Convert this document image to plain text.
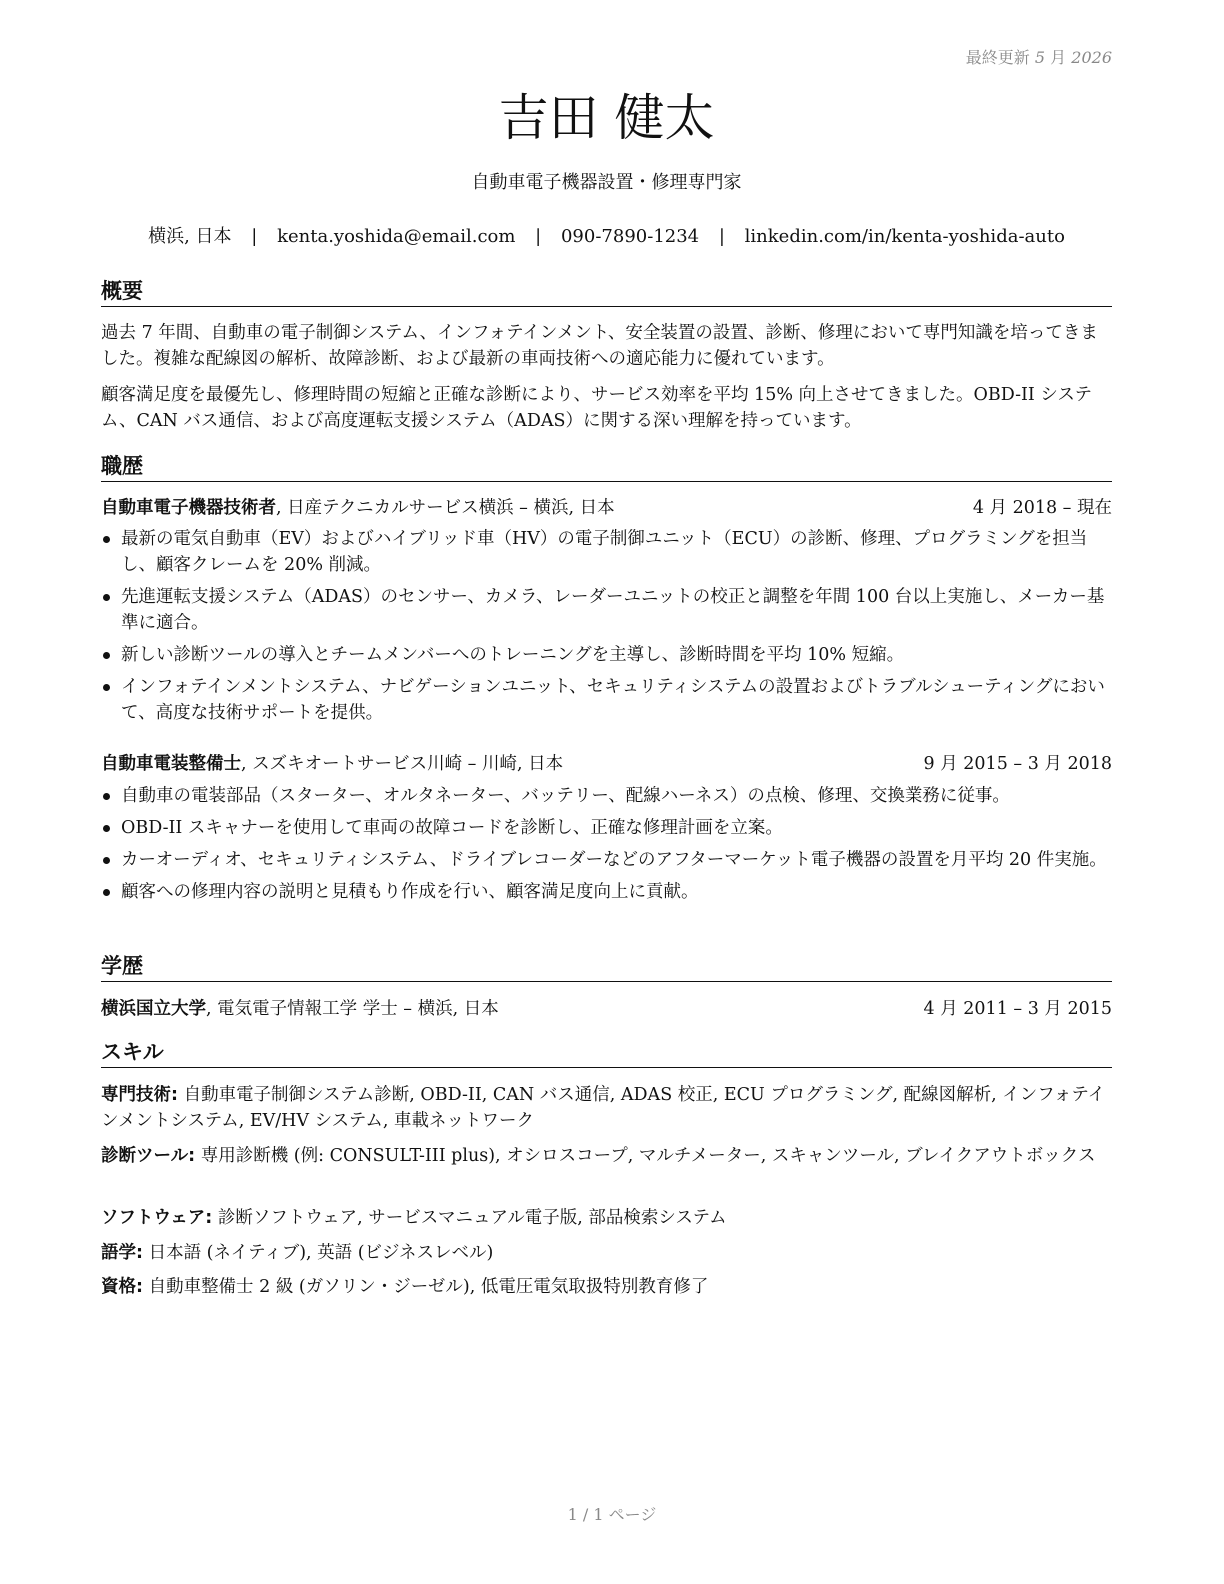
最終更新 5 月 2026
吉田 健太
自動車電子機器設置・修理専門家
横浜, 日本 | kenta.yoshida@email.com | 090-7890-1234 | linkedin.com/in/kenta-yoshida-auto
概要

過去 7 年間、自動車の電子制御システム、インフォテインメント、安全装置の設置、診断、修理において専門知識を培ってきました。複雑な配線図の解析、故障診断、および最新の車両技術への適応能力に優れています。

顧客満足度を最優先し、修理時間の短縮と正確な診断により、サービス効率を平均 15% 向上させてきました。OBD-II システム、CAN バス通信、および高度運転支援システム（ADAS）に関する深い理解を持っています。

職歴
自動車電子機器技術者, 日産テクニカルサービス横浜 – 横浜, 日本	4 月 2018 – 現在
最新の電気自動車（EV）およびハイブリッド車（HV）の電子制御ユニット（ECU）の診断、修理、プログラミングを担当し、顧客クレームを 20% 削減。
先進運転支援システム（ADAS）のセンサー、カメラ、レーダーユニットの校正と調整を年間 100 台以上実施し、メーカー基準に適合。
新しい診断ツールの導入とチームメンバーへのトレーニングを主導し、診断時間を平均 10% 短縮。
インフォテインメントシステム、ナビゲーションユニット、セキュリティシステムの設置およびトラブルシューティングにおいて、高度な技術サポートを提供。
自動車電装整備士, スズキオートサービス川崎 – 川崎, 日本	9 月 2015 – 3 月 2018
自動車の電装部品（スターター、オルタネーター、バッテリー、配線ハーネス）の点検、修理、交換業務に従事。
OBD-II スキャナーを使用して車両の故障コードを診断し、正確な修理計画を立案。
カーオーディオ、セキュリティシステム、ドライブレコーダーなどのアフターマーケット電子機器の設置を月平均 20 件実施。
顧客への修理内容の説明と見積もり作成を行い、顧客満足度向上に貢献。
学歴
横浜国立大学, 電気電子情報工学 学士 – 横浜, 日本	4 月 2011 – 3 月 2015
スキル
専門技術: 自動車電子制御システム診断, OBD-II, CAN バス通信, ADAS 校正, ECU プログラミング, 配線図解析, インフォテインメントシステム, EV/HV システム, 車載ネットワーク
診断ツール: 専用診断機 (例: CONSULT-III plus), オシロスコープ, マルチメーター, スキャンツール, ブレイクアウトボックス
ソフトウェア: 診断ソフトウェア, サービスマニュアル電子版, 部品検索システム
語学: 日本語 (ネイティブ), 英語 (ビジネスレベル)
資格: 自動車整備士 2 級 (ガソリン・ジーゼル), 低電圧電気取扱特別教育修了
1 / 1 ページ
